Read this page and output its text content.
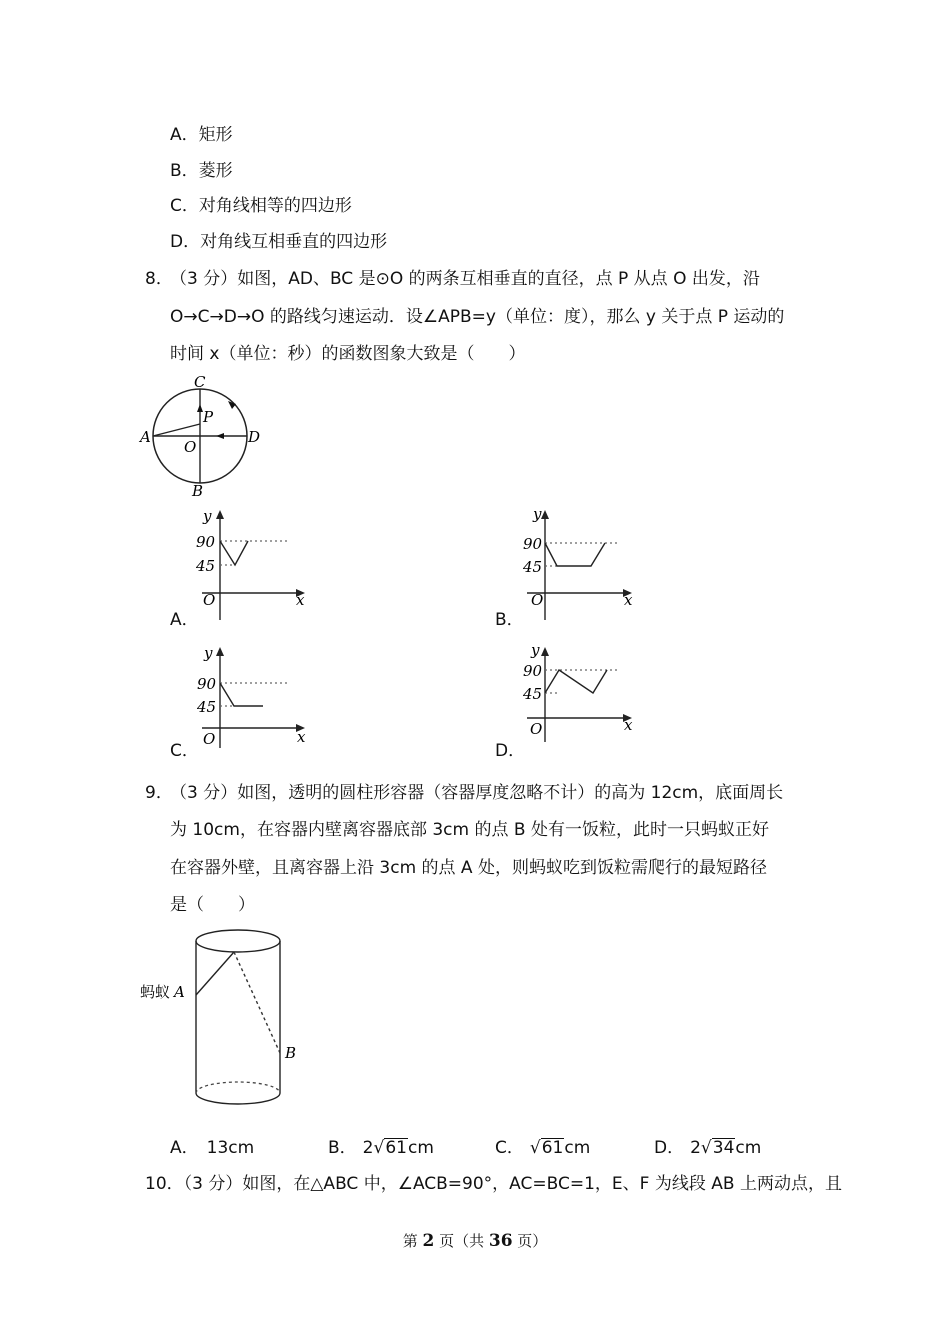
A．矩形
B．菱形
C．对角线相等的四边形
D．对角线互相垂直的四边形
8．
（3 分）如图，AD、BC 是⊙O 的两条互相垂直的直径，点 P 从点 O 出发，沿
O→C→D→O 的路线匀速运动．设∠APB=y（单位：度），那么 y 关于点 P 运动的
时间 x（单位：秒）的函数图象大致是（　　）
C
P
A
O
D
B
y
x
O
90
45
A．
y
x
O
90
45
B．
y
x
O
90
45
C．
y
x
O
90
45
D．
9．
（3 分）如图，透明的圆柱形容器（容器厚度忽略不计）的高为 12cm，底面周长
为 10cm，在容器内壁离容器底部 3cm 的点 B 处有一饭粒，此时一只蚂蚁正好
在容器外壁，且离容器上沿 3cm 的点 A 处，则蚂蚁吃到饭粒需爬行的最短路径
是（　　）
蚂蚁 A
B
A． 13cm	B． 2√61cm	C． √61cm	D． 2√34cm
10．（3 分）如图，在△ABC 中，∠ACB=90°，AC=BC=1，E、F 为线段 AB 上两动点，且
第 2 页（共 36 页）
